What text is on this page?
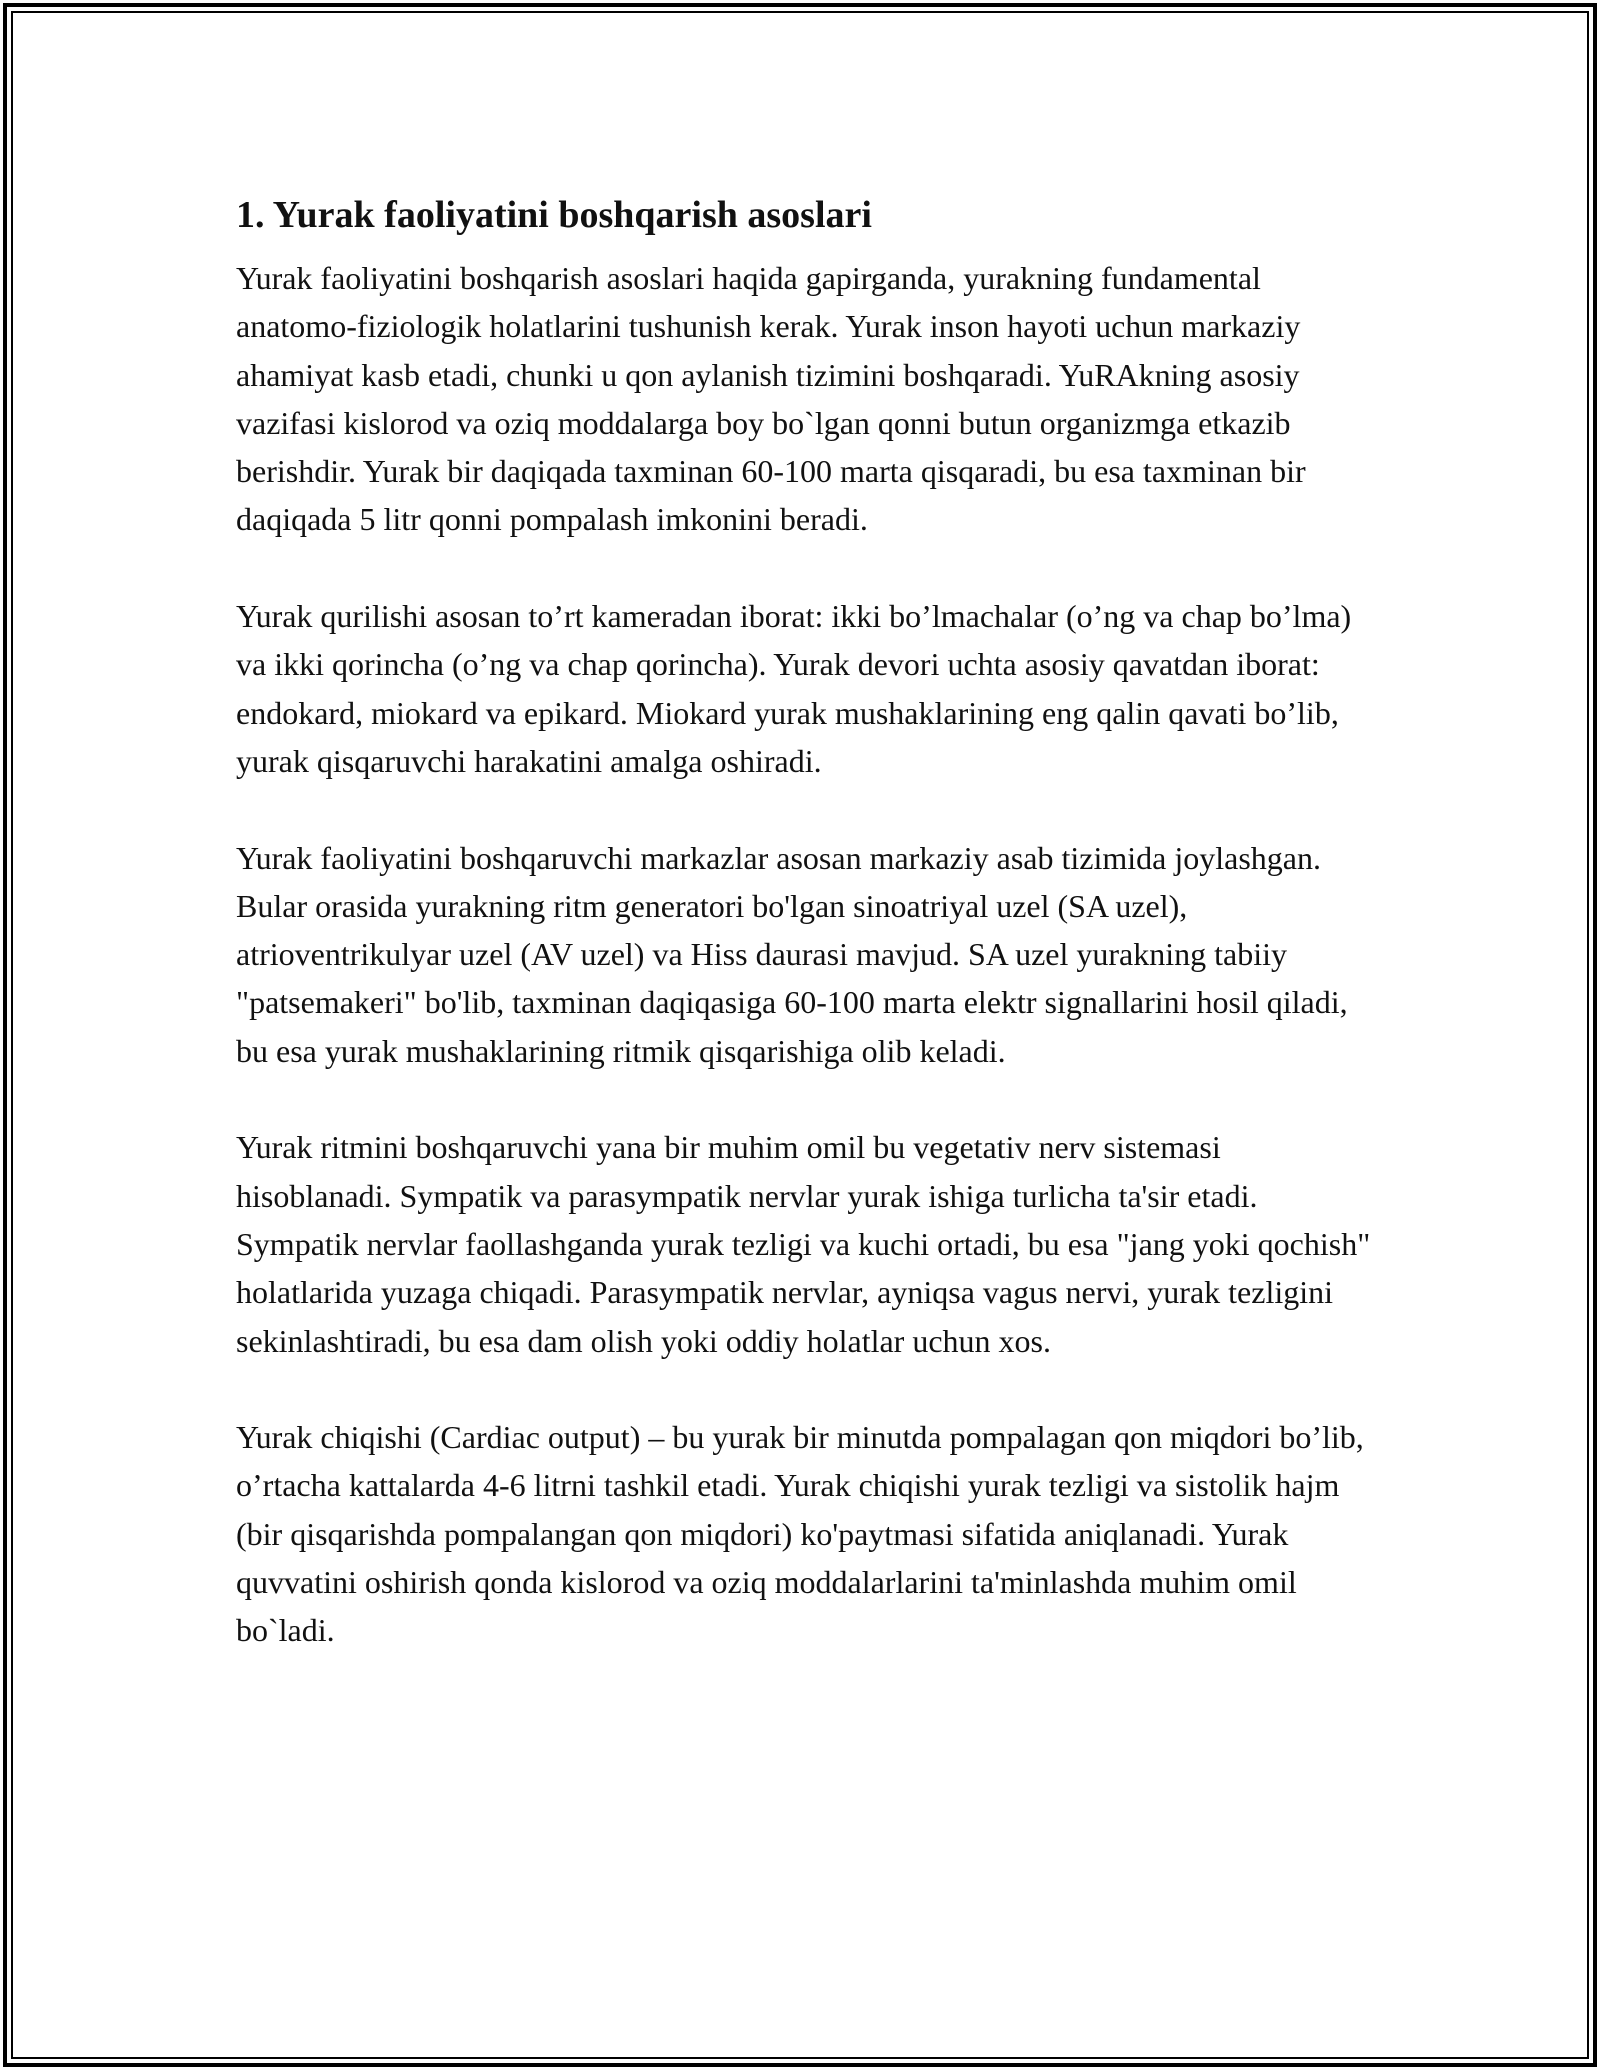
1. Yurak faoliyatini boshqarish asoslari

Yurak faoliyatini boshqarish asoslari haqida gapirganda, yurakning fundamental anatomo-fiziologik holatlarini tushunish kerak. Yurak inson hayoti uchun markaziy ahamiyat kasb etadi, chunki u qon aylanish tizimini boshqaradi. YuRAkning asosiy vazifasi kislorod va oziq moddalarga boy bo`lgan qonni butun organizmga etkazib berishdir. Yurak bir daqiqada taxminan 60-100 marta qisqaradi, bu esa taxminan bir daqiqada 5 litr qonni pompalash imkonini beradi.

Yurak qurilishi asosan to’rt kameradan iborat: ikki bo’lmachalar (o’ng va chap bo’lma) va ikki qorincha (o’ng va chap qorincha). Yurak devori uchta asosiy qavatdan iborat: endokard, miokard va epikard. Miokard yurak mushaklarining eng qalin qavati bo’lib, yurak qisqaruvchi harakatini amalga oshiradi.

Yurak faoliyatini boshqaruvchi markazlar asosan markaziy asab tizimida joylashgan. Bular orasida yurakning ritm generatori bo'lgan sinoatriyal uzel (SA uzel), atrioventrikulyar uzel (AV uzel) va Hiss daurasi mavjud. SA uzel yurakning tabiiy "patsemakeri" bo'lib, taxminan daqiqasiga 60-100 marta elektr signallarini hosil qiladi, bu esa yurak mushaklarining ritmik qisqarishiga olib keladi.

Yurak ritmini boshqaruvchi yana bir muhim omil bu vegetativ nerv sistemasi hisoblanadi. Sympatik va parasympatik nervlar yurak ishiga turlicha ta'sir etadi. Sympatik nervlar faollashganda yurak tezligi va kuchi ortadi, bu esa "jang yoki qochish" holatlarida yuzaga chiqadi. Parasympatik nervlar, ayniqsa vagus nervi, yurak tezligini sekinlashtiradi, bu esa dam olish yoki oddiy holatlar uchun xos.

Yurak chiqishi (Cardiac output) – bu yurak bir minutda pompalagan qon miqdori bo’lib, o’rtacha kattalarda 4-6 litrni tashkil etadi. Yurak chiqishi yurak tezligi va sistolik hajm (bir qisqarishda pompalangan qon miqdori) ko'paytmasi sifatida aniqlanadi. Yurak quvvatini oshirish qonda kislorod va oziq moddalarlarini ta'minlashda muhim omil bo`ladi.
